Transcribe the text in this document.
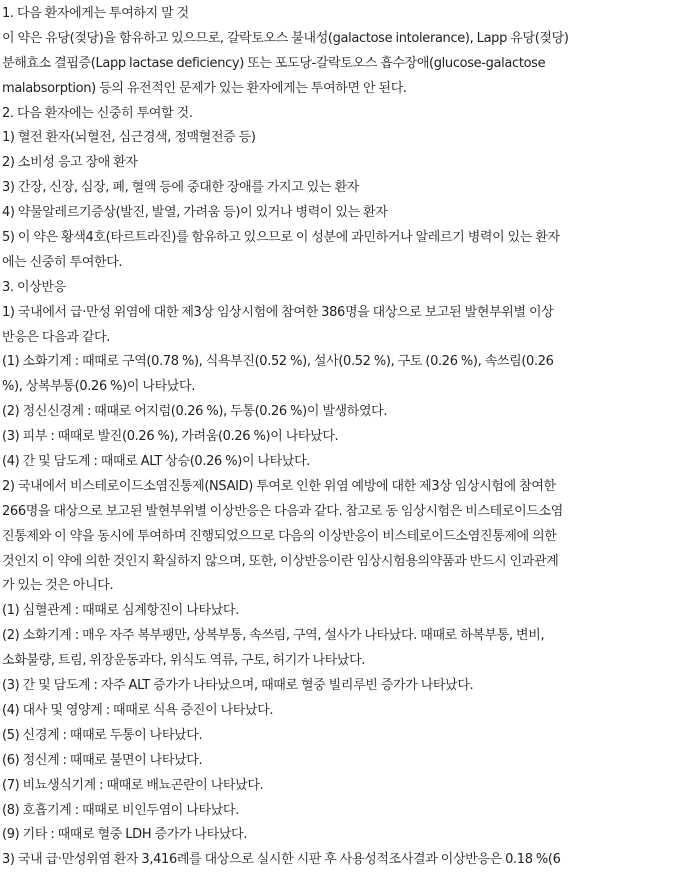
1. 다음 환자에게는 투여하지 말 것
이 약은 유당(젖당)을 함유하고 있으므로, 갈락토오스 불내성(galactose intolerance), Lapp 유당(젖당)
분해효소 결핍증(Lapp lactase deficiency) 또는 포도당-갈락토오스 흡수장애(glucose-galactose
malabsorption) 등의 유전적인 문제가 있는 환자에게는 투여하면 안 된다.
2. 다음 환자에는 신중히 투여할 것.
1) 혈전 환자(뇌혈전, 심근경색, 정맥혈전증 등)
2) 소비성 응고 장애 환자
3) 간장, 신장, 심장, 폐, 혈액 등에 중대한 장애를 가지고 있는 환자
4) 약물알레르기증상(발진, 발열, 가려움 등)이 있거나 병력이 있는 환자
5) 이 약은 황색4호(타르트라진)를 함유하고 있으므로 이 성분에 과민하거나 알레르기 병력이 있는 환자
에는 신중히 투여한다.
3. 이상반응
1) 국내에서 급·만성 위염에 대한 제3상 임상시험에 참여한 386명을 대상으로 보고된 발현부위별 이상
반응은 다음과 같다.
(1) 소화기계 : 때때로 구역(0.78 %), 식욕부진(0.52 %), 설사(0.52 %), 구토 (0.26 %), 속쓰림(0.26
%), 상복부통(0.26 %)이 나타났다.
(2) 정신신경계 : 때때로 어지럼(0.26 %), 두통(0.26 %)이 발생하였다.
(3) 피부 : 때때로 발진(0.26 %), 가려움(0.26 %)이 나타났다.
(4) 간 및 담도계 : 때때로 ALT 상승(0.26 %)이 나타났다.
2) 국내에서 비스테로이드소염진통제(NSAID) 투여로 인한 위염 예방에 대한 제3상 임상시험에 참여한
266명을 대상으로 보고된 발현부위별 이상반응은 다음과 같다. 참고로 동 임상시험은 비스테로이드소염
진통제와 이 약을 동시에 투여하며 진행되었으므로 다음의 이상반응이 비스테로이드소염진통제에 의한
것인지 이 약에 의한 것인지 확실하지 않으며, 또한, 이상반응이란 임상시험용의약품과 반드시 인과관계
가 있는 것은 아니다.
(1) 심혈관계 : 때때로 심계항진이 나타났다.
(2) 소화기계 : 매우 자주 복부팽만, 상복부통, 속쓰림, 구역, 설사가 나타났다. 때때로 하복부통, 변비,
소화불량, 트림, 위장운동과다, 위식도 역류, 구토, 허기가 나타났다.
(3) 간 및 담도계 : 자주 ALT 증가가 나타났으며, 때때로 혈중 빌리루빈 증가가 나타났다.
(4) 대사 및 영양계 : 때때로 식욕 증진이 나타났다.
(5) 신경계 : 때때로 두통이 나타났다.
(6) 정신계 : 때때로 불면이 나타났다.
(7) 비뇨생식기계 : 때때로 배뇨곤란이 나타났다.
(8) 호흡기계 : 때때로 비인두염이 나타났다.
(9) 기타 : 때때로 혈중 LDH 증가가 나타났다.
3) 국내 급·만성위염 환자 3,416례를 대상으로 실시한 시판 후 사용성적조사결과 이상반응은 0.18 %(6
